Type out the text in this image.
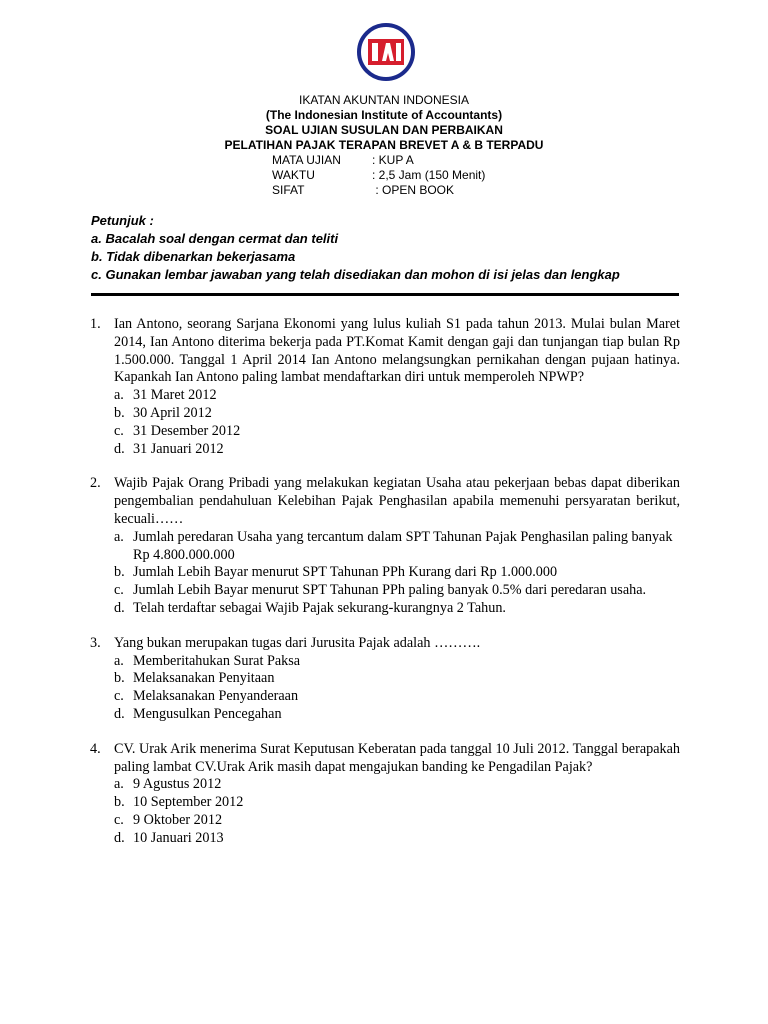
IKATAN AKUNTAN INDONESIA
(The Indonesian Institute of Accountants)
SOAL UJIAN SUSULAN DAN PERBAIKAN
PELATIHAN PAJAK TERAPAN BREVET A & B TERPADU
MATA UJIAN	: KUP A
WAKTU	: 2,5 Jam (150 Menit)
SIFAT	: OPEN BOOK
Petunjuk :
a. Bacalah soal dengan cermat dan teliti
b. Tidak dibenarkan bekerjasama
c. Gunakan lembar jawaban yang telah disediakan dan mohon di isi jelas dan lengkap
1. Ian Antono, seorang Sarjana Ekonomi yang lulus kuliah S1 pada tahun 2013. Mulai bulan Maret 2014, Ian Antono diterima bekerja pada PT.Komat Kamit dengan gaji dan tunjangan tiap bulan Rp 1.500.000. Tanggal 1 April 2014 Ian Antono melangsungkan pernikahan dengan pujaan hatinya. Kapankah Ian Antono paling lambat mendaftarkan diri untuk memperoleh NPWP?
a. 31 Maret 2012
b. 30 April 2012
c. 31 Desember 2012
d. 31 Januari 2012
2. Wajib Pajak Orang Pribadi yang melakukan kegiatan Usaha atau pekerjaan bebas dapat diberikan pengembalian pendahuluan Kelebihan Pajak Penghasilan apabila memenuhi persyaratan berikut, kecuali……
a. Jumlah peredaran Usaha yang tercantum dalam SPT Tahunan Pajak Penghasilan paling banyak Rp 4.800.000.000
b. Jumlah Lebih Bayar menurut SPT Tahunan PPh Kurang dari Rp 1.000.000
c. Jumlah Lebih Bayar menurut SPT Tahunan PPh paling banyak 0.5% dari peredaran usaha.
d. Telah terdaftar sebagai Wajib Pajak sekurang-kurangnya 2 Tahun.
3. Yang bukan merupakan tugas dari Jurusita Pajak adalah ……….
a. Memberitahukan Surat Paksa
b. Melaksanakan Penyitaan
c. Melaksanakan Penyanderaan
d. Mengusulkan Pencegahan
4. CV. Urak Arik menerima Surat Keputusan Keberatan pada tanggal 10 Juli 2012. Tanggal berapakah paling lambat CV.Urak Arik masih dapat mengajukan banding ke Pengadilan Pajak?
a. 9 Agustus 2012
b. 10 September 2012
c. 9 Oktober 2012
d. 10 Januari 2013
